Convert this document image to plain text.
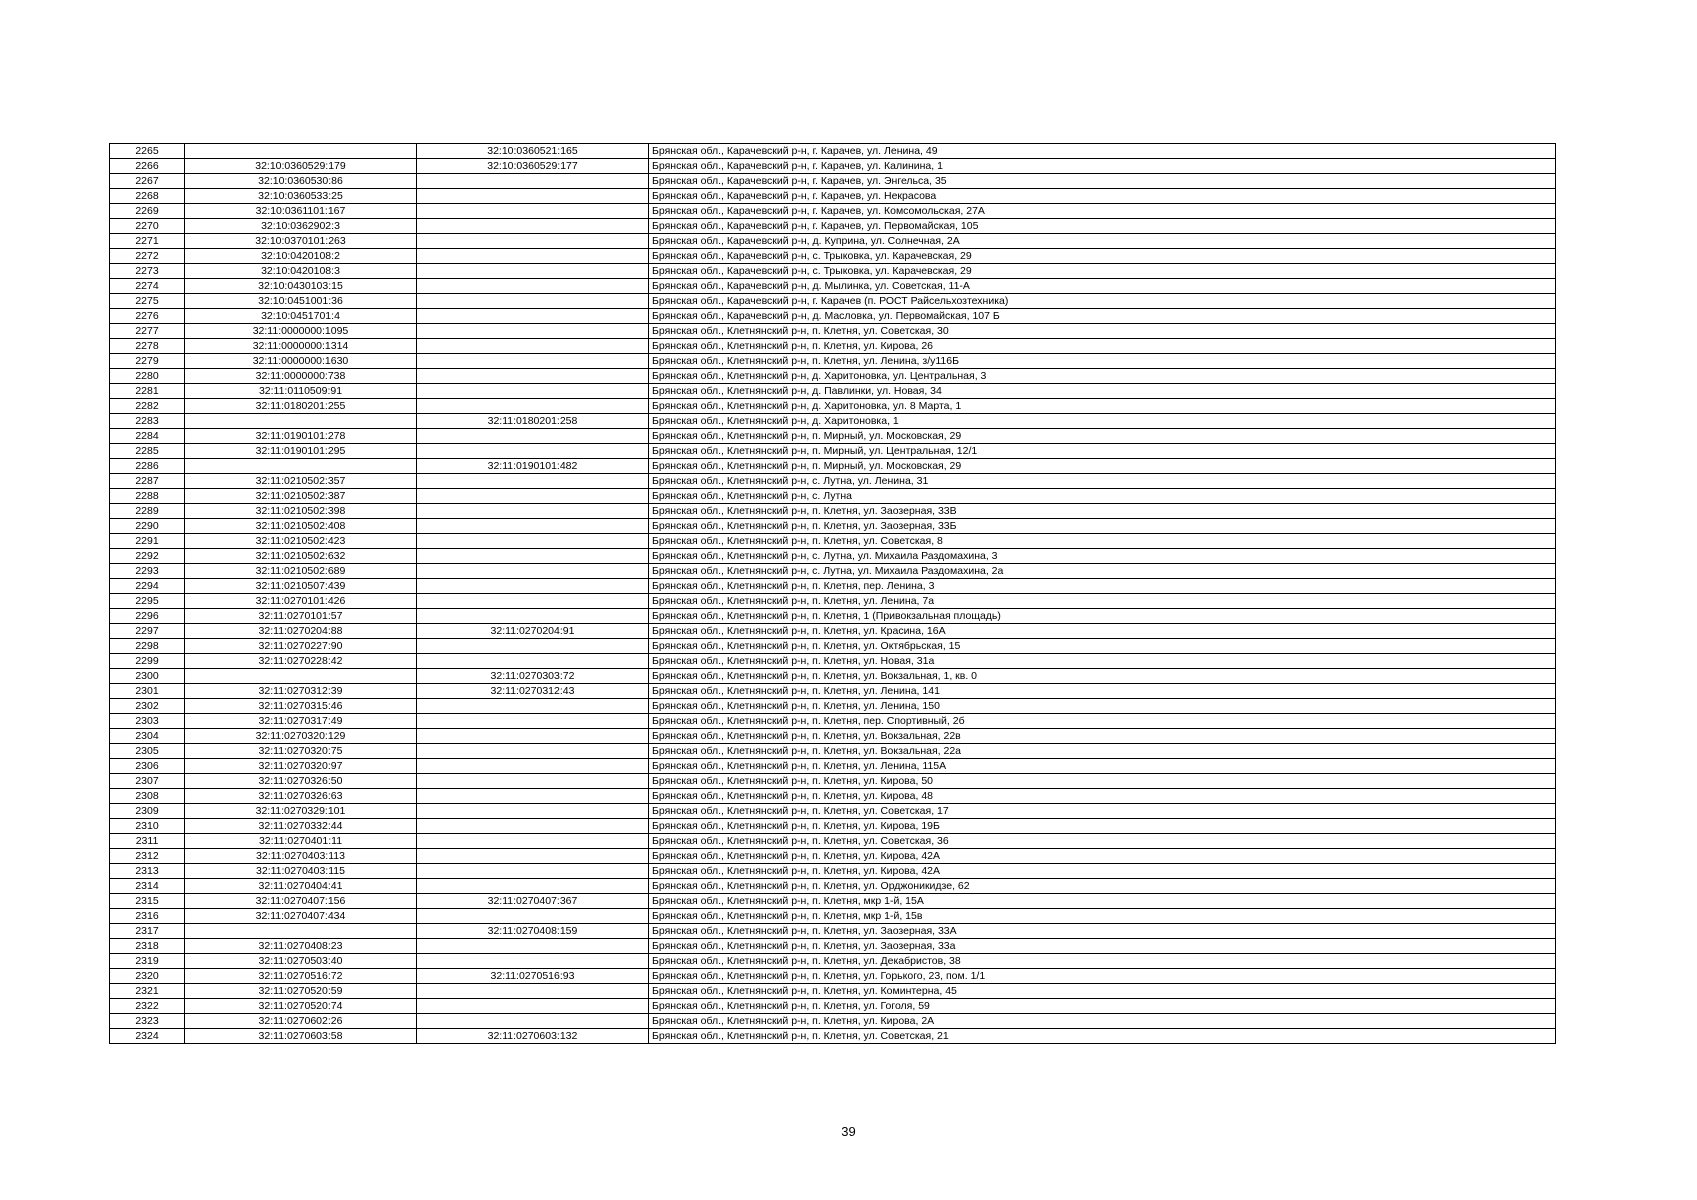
2265		32:10:0360521:165	Брянская обл., Карачевский р-н, г. Карачев, ул. Ленина, 49
2266	32:10:0360529:179	32:10:0360529:177	Брянская обл., Карачевский р-н, г. Карачев, ул. Калинина, 1
2267	32:10:0360530:86		Брянская обл., Карачевский р-н, г. Карачев, ул. Энгельса, 35
2268	32:10:0360533:25		Брянская обл., Карачевский р-н, г. Карачев, ул. Некрасова
2269	32:10:0361101:167		Брянская обл., Карачевский р-н, г. Карачев, ул. Комсомольская, 27А
2270	32:10:0362902:3		Брянская обл., Карачевский р-н, г. Карачев, ул. Первомайская, 105
2271	32:10:0370101:263		Брянская обл., Карачевский р-н, д. Куприна, ул. Солнечная, 2А
2272	32:10:0420108:2		Брянская обл., Карачевский р-н, с. Трыковка, ул. Карачевская, 29
2273	32:10:0420108:3		Брянская обл., Карачевский р-н, с. Трыковка, ул. Карачевская, 29
2274	32:10:0430103:15		Брянская обл., Карачевский р-н, д. Мылинка, ул. Советская, 11-А
2275	32:10:0451001:36		Брянская обл., Карачевский р-н, г. Карачев (п. РОСТ Райсельхозтехника)
2276	32:10:0451701:4		Брянская обл., Карачевский р-н, д. Масловка, ул. Первомайская, 107 Б
2277	32:11:0000000:1095		Брянская обл., Клетнянский р-н, п. Клетня, ул. Советская, 30
2278	32:11:0000000:1314		Брянская обл., Клетнянский р-н, п. Клетня, ул. Кирова, 26
2279	32:11:0000000:1630		Брянская обл., Клетнянский р-н, п. Клетня, ул. Ленина, з/у116Б
2280	32:11:0000000:738		Брянская обл., Клетнянский р-н, д. Харитоновка, ул. Центральная, 3
2281	32:11:0110509:91		Брянская обл., Клетнянский р-н, д. Павлинки, ул. Новая, 34
2282	32:11:0180201:255		Брянская обл., Клетнянский р-н, д. Харитоновка, ул. 8 Марта, 1
2283		32:11:0180201:258	Брянская обл., Клетнянский р-н, д. Харитоновка, 1
2284	32:11:0190101:278		Брянская обл., Клетнянский р-н, п. Мирный, ул. Московская, 29
2285	32:11:0190101:295		Брянская обл., Клетнянский р-н, п. Мирный, ул. Центральная, 12/1
2286		32:11:0190101:482	Брянская обл., Клетнянский р-н, п. Мирный, ул. Московская, 29
2287	32:11:0210502:357		Брянская обл., Клетнянский р-н, с. Лутна, ул. Ленина, 31
2288	32:11:0210502:387		Брянская обл., Клетнянский р-н, с. Лутна
2289	32:11:0210502:398		Брянская обл., Клетнянский р-н, п. Клетня, ул. Заозерная, 33В
2290	32:11:0210502:408		Брянская обл., Клетнянский р-н, п. Клетня, ул. Заозерная, 33Б
2291	32:11:0210502:423		Брянская обл., Клетнянский р-н, п. Клетня, ул. Советская, 8
2292	32:11:0210502:632		Брянская обл., Клетнянский р-н, с. Лутна, ул. Михаила Раздомахина, 3
2293	32:11:0210502:689		Брянская обл., Клетнянский р-н, с. Лутна, ул. Михаила Раздомахина, 2а
2294	32:11:0210507:439		Брянская обл., Клетнянский р-н, п. Клетня, пер. Ленина, 3
2295	32:11:0270101:426		Брянская обл., Клетнянский р-н, п. Клетня, ул. Ленина, 7а
2296	32:11:0270101:57		Брянская обл., Клетнянский р-н, п. Клетня, 1 (Привокзальная площадь)
2297	32:11:0270204:88	32:11:0270204:91	Брянская обл., Клетнянский р-н, п. Клетня, ул. Красина, 16А
2298	32:11:0270227:90		Брянская обл., Клетнянский р-н, п. Клетня, ул. Октябрьская, 15
2299	32:11:0270228:42		Брянская обл., Клетнянский р-н, п. Клетня, ул. Новая, 31а
2300		32:11:0270303:72	Брянская обл., Клетнянский р-н, п. Клетня, ул. Вокзальная, 1, кв. 0
2301	32:11:0270312:39	32:11:0270312:43	Брянская обл., Клетнянский р-н, п. Клетня, ул. Ленина, 141
2302	32:11:0270315:46		Брянская обл., Клетнянский р-н, п. Клетня, ул. Ленина, 150
2303	32:11:0270317:49		Брянская обл., Клетнянский р-н, п. Клетня, пер. Спортивный, 2б
2304	32:11:0270320:129		Брянская обл., Клетнянский р-н, п. Клетня, ул. Вокзальная, 22в
2305	32:11:0270320:75		Брянская обл., Клетнянский р-н, п. Клетня, ул. Вокзальная, 22а
2306	32:11:0270320:97		Брянская обл., Клетнянский р-н, п. Клетня, ул. Ленина, 115А
2307	32:11:0270326:50		Брянская обл., Клетнянский р-н, п. Клетня, ул. Кирова, 50
2308	32:11:0270326:63		Брянская обл., Клетнянский р-н, п. Клетня, ул. Кирова, 48
2309	32:11:0270329:101		Брянская обл., Клетнянский р-н, п. Клетня, ул. Советская, 17
2310	32:11:0270332:44		Брянская обл., Клетнянский р-н, п. Клетня, ул. Кирова, 19Б
2311	32:11:0270401:11		Брянская обл., Клетнянский р-н, п. Клетня, ул. Советская, 36
2312	32:11:0270403:113		Брянская обл., Клетнянский р-н, п. Клетня, ул. Кирова, 42А
2313	32:11:0270403:115		Брянская обл., Клетнянский р-н, п. Клетня, ул. Кирова, 42А
2314	32:11:0270404:41		Брянская обл., Клетнянский р-н, п. Клетня, ул. Орджоникидзе, 62
2315	32:11:0270407:156	32:11:0270407:367	Брянская обл., Клетнянский р-н, п. Клетня, мкр 1-й, 15А
2316	32:11:0270407:434		Брянская обл., Клетнянский р-н, п. Клетня, мкр 1-й, 15в
2317		32:11:0270408:159	Брянская обл., Клетнянский р-н, п. Клетня, ул. Заозерная, 33А
2318	32:11:0270408:23		Брянская обл., Клетнянский р-н, п. Клетня, ул. Заозерная, 33а
2319	32:11:0270503:40		Брянская обл., Клетнянский р-н, п. Клетня, ул. Декабристов, 38
2320	32:11:0270516:72	32:11:0270516:93	Брянская обл., Клетнянский р-н, п. Клетня, ул. Горького, 23, пом. 1/1
2321	32:11:0270520:59		Брянская обл., Клетнянский р-н, п. Клетня, ул. Коминтерна, 45
2322	32:11:0270520:74		Брянская обл., Клетнянский р-н, п. Клетня, ул. Гоголя, 59
2323	32:11:0270602:26		Брянская обл., Клетнянский р-н, п. Клетня, ул. Кирова, 2А
2324	32:11:0270603:58	32:11:0270603:132	Брянская обл., Клетнянский р-н, п. Клетня, ул. Советская, 21
39
